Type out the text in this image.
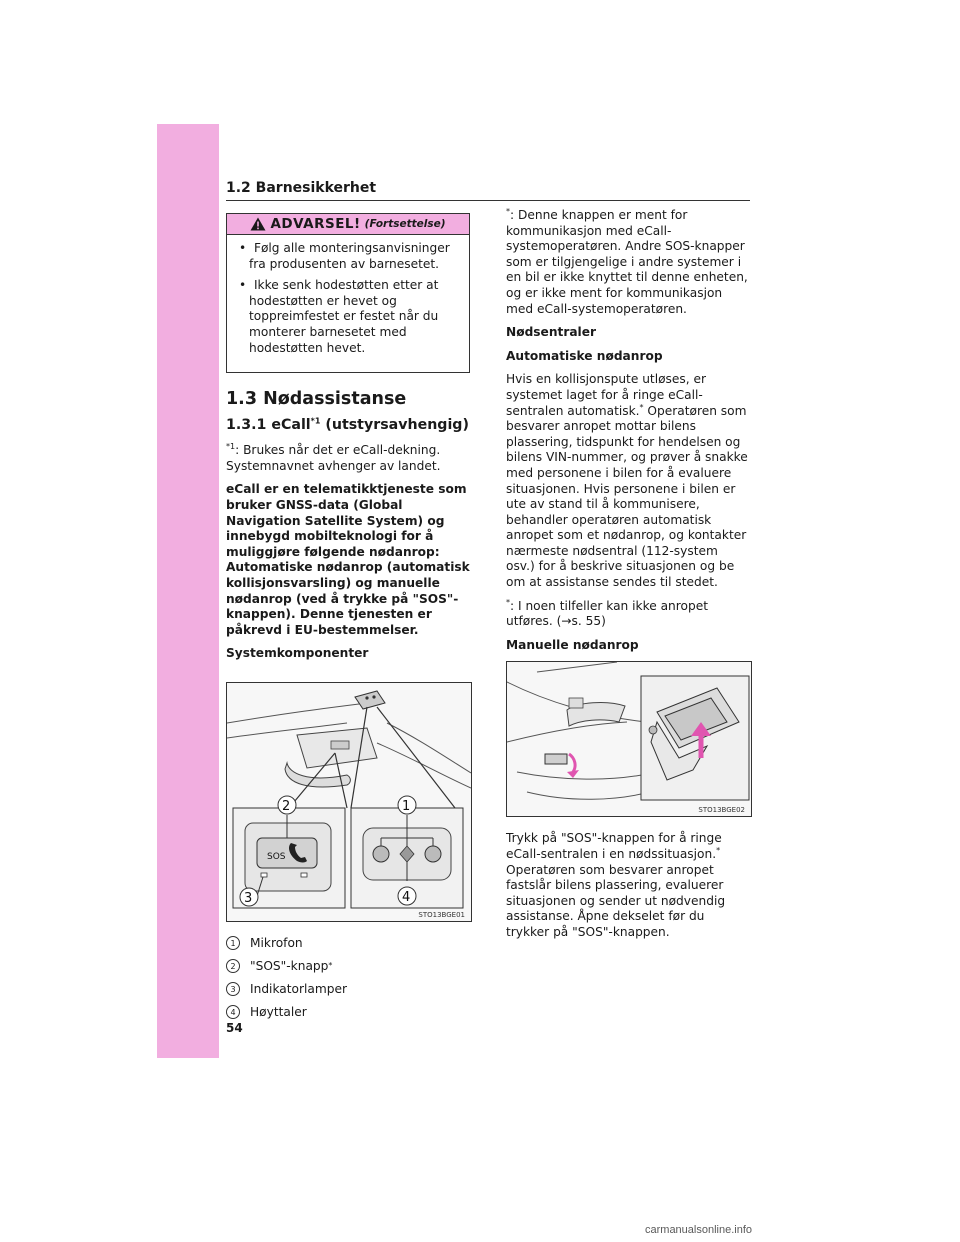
1.2 Barnesikkerhet
ADVARSEL! (Fortsettelse)
•  Følg alle monteringsanvisninger fra produsenten av barnesetet.
•  Ikke senk hodestøtten etter at hodestøtten er hevet og toppreimfestet er festet når du monterer barnesetet med hodestøtten hevet.
1.3 Nødassistanse
1.3.1 eCall$^{*1}$ (utstyrsavhengig)

$^{*1}$: Brukes når det er eCall-dekning. Systemnavnet avhenger av landet.

eCall er en telematikktjeneste som bruker GNSS-data (Global Navigation Satellite System) og innebygd mobilteknologi for å muliggjøre følgende nødanrop: Automatiske nødanrop (automatisk kollisjonsvarsling) og manuelle nødanrop (ved å trykke på "SOS"-knappen). Denne tjenesten er påkrevd i EU-bestemmelser.

Systemkomponenter

SOS
2	1
3	4
STO13BGE01
1	Mikrofon
2	"SOS"-knapp *
3	Indikatorlamper
4	Høyttaler

*: Denne knappen er ment for kommunikasjon med eCall-systemoperatøren. Andre SOS-knapper som er tilgjengelige i andre systemer i en bil er ikke knyttet til denne enheten, og er ikke ment for kommunikasjon med eCall-systemoperatøren.

Nødsentraler

Automatiske nødanrop

Hvis en kollisjonspute utløses, er systemet laget for å ringe eCall-sentralen automatisk.* Operatøren som besvarer anropet mottar bilens plassering, tidspunkt for hendelsen og bilens VIN-nummer, og prøver å snakke med personene i bilen for å evaluere situasjonen. Hvis personene i bilen er ute av stand til å kommunisere, behandler operatøren automatisk anropet som et nødanrop, og kontakter nærmeste nødsentral (112-system osv.) for å beskrive situasjonen og be om at assistanse sendes til stedet.

*: I noen tilfeller kan ikke anropet utføres. (→s. 55)

Manuelle nødanrop

STO13BGE02

Trykk på "SOS"-knappen for å ringe eCall-sentralen i en nødssituasjon.* Operatøren som besvarer anropet fastslår bilens plassering, evaluerer situasjonen og sender ut nødvendig assistanse. Åpne dekselet før du trykker på "SOS"-knappen.

54
carmanualsonline.info
